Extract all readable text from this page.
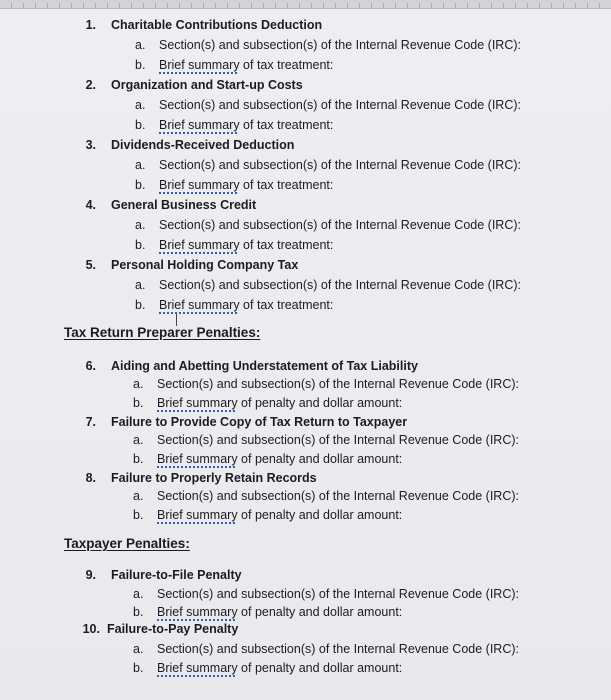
1. Charitable Contributions Deduction
a. Section(s) and subsection(s) of the Internal Revenue Code (IRC):
b. Brief summary of tax treatment:
2. Organization and Start-up Costs
a. Section(s) and subsection(s) of the Internal Revenue Code (IRC):
b. Brief summary of tax treatment:
3. Dividends-Received Deduction
a. Section(s) and subsection(s) of the Internal Revenue Code (IRC):
b. Brief summary of tax treatment:
4. General Business Credit
a. Section(s) and subsection(s) of the Internal Revenue Code (IRC):
b. Brief summary of tax treatment:
5. Personal Holding Company Tax
a. Section(s) and subsection(s) of the Internal Revenue Code (IRC):
b. Brief summary of tax treatment:
Tax Return Preparer Penalties:
6. Aiding and Abetting Understatement of Tax Liability
a. Section(s) and subsection(s) of the Internal Revenue Code (IRC):
b. Brief summary of penalty and dollar amount:
7. Failure to Provide Copy of Tax Return to Taxpayer
a. Section(s) and subsection(s) of the Internal Revenue Code (IRC):
b. Brief summary of penalty and dollar amount:
8. Failure to Properly Retain Records
a. Section(s) and subsection(s) of the Internal Revenue Code (IRC):
b. Brief summary of penalty and dollar amount:
Taxpayer Penalties:
9. Failure-to-File Penalty
a. Section(s) and subsection(s) of the Internal Revenue Code (IRC):
b. Brief summary of penalty and dollar amount:
10. Failure-to-Pay Penalty
a. Section(s) and subsection(s) of the Internal Revenue Code (IRC):
b. Brief summary of penalty and dollar amount:
